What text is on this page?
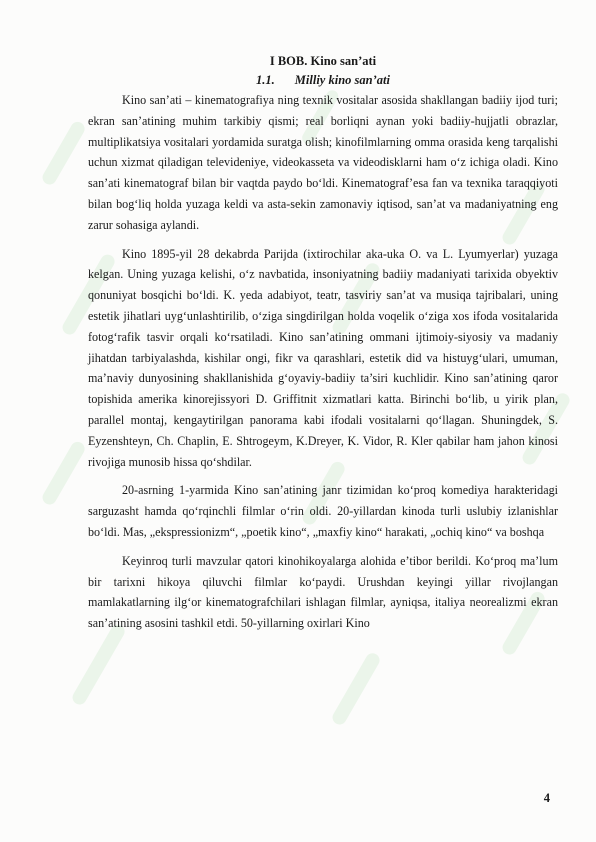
I BOB. Kino san’ati

1.1. Milliy kino san’ati

Kino san’ati – kinematografiya ning texnik vositalar asosida shakllangan badiiy ijod turi; ekran san’atining muhim tarkibiy qismi; real borliqni aynan yoki badiiy-hujjatli obrazlar, multiplikatsiya vositalari yordamida suratga olish; kinofilmlarning omma orasida keng tarqalishi uchun xizmat qiladigan televideniye, videokasseta va videodisklarni ham oʻz ichiga oladi. Kino san’ati kinematograf bilan bir vaqtda paydo boʻldi. Kinematografʼesa fan va texnika taraqqiyoti bilan bogʻliq holda yuzaga keldi va asta-sekin zamonaviy iqtisod, san’at va madaniyatning eng zarur sohasiga aylandi.

Kino 1895-yil 28 dekabrda Parijda (ixtirochilar aka-uka O. va L. Lyumyerlar) yuzaga kelgan. Uning yuzaga kelishi, oʻz navbatida, insoniyatning badiiy madaniyati tarixida obyektiv qonuniyat bosqichi boʻldi. K. yeda adabiyot, teatr, tasviriy san’at va musiqa tajribalari, uning estetik jihatlari uygʻunlashtirilib, oʻziga singdirilgan holda voqelik oʻziga xos ifoda vositalarida fotogʻrafik tasvir orqali koʻrsatiladi. Kino san’atining ommani ijtimoiy-siyosiy va madaniy jihatdan tarbiyalashda, kishilar ongi, fikr va qarashlari, estetik did va histuygʻulari, umuman, ma’naviy dunyosining shakllanishida gʻoyaviy-badiiy ta’siri kuchlidir. Kino san’atining qaror topishida amerika kinorejissyori D. Griffitnit xizmatlari katta. Birinchi boʻlib, u yirik plan, parallel montaj, kengaytirilgan panorama kabi ifodali vositalarni qoʻllagan. Shuningdek, S. Eyzenshteyn, Ch. Chaplin, E. Shtrogeym, K.Dreyer, K. Vidor, R. Kler qabilar ham jahon kinosi rivojiga munosib hissa qoʻshdilar.

20-asrning 1-yarmida Kino san’atining janr tizimidan koʻproq komediya harakteridagi sarguzasht hamda qoʻrqinchli filmlar oʻrin oldi. 20-yillardan kinoda turli uslubiy izlanishlar boʻldi. Mas, „ekspressionizm“, „poetik kino“, „maxfiy kino“ harakati, „ochiq kino“ va boshqa

Keyinroq turli mavzular qatori kinohikoyalarga alohida e’tibor berildi. Koʻproq ma’lum bir tarixni hikoya qiluvchi filmlar koʻpaydi. Urushdan keyingi yillar rivojlangan mamlakatlarning ilgʻor kinematografchilari ishlagan filmlar, ayniqsa, italiya neorealizmi ekran san’atining asosini tashkil etdi. 50-yillarning oxirlari Kino

4
